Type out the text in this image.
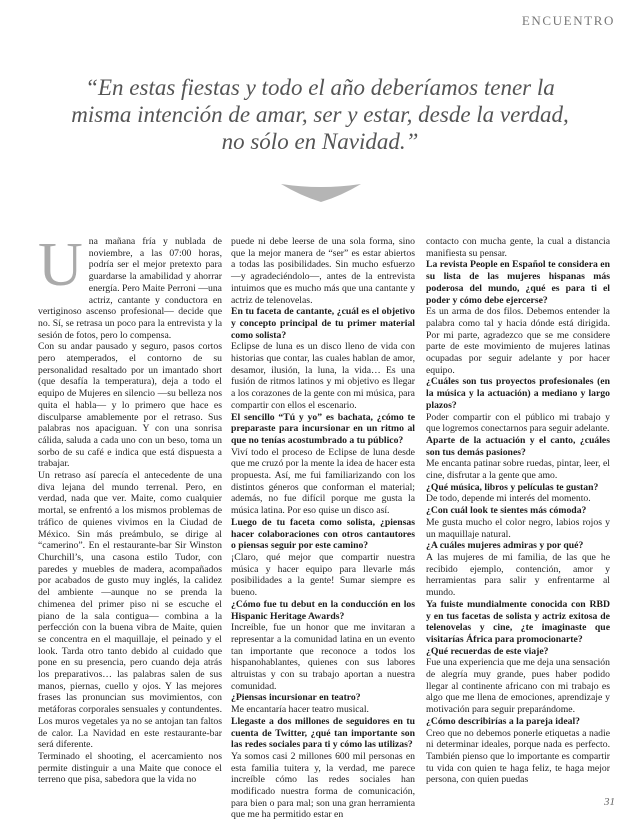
ENCUENTRO
“En estas fiestas y todo el año deberíamos tener la misma intención de amar, ser y estar, desde la verdad, no sólo en Navidad.”
U na mañana fría y nublada de noviembre, a las 07:00 horas, podría ser el mejor pretexto para guardarse la amabilidad y ahorrar energía. Pero Maite Perroni —una actriz, cantante y conductora en vertiginoso ascenso profesional— decide que no. Sí, se retrasa un poco para la entrevista y la sesión de fotos, pero lo compensa.

Con su andar pausado y seguro, pasos cortos pero atemperados, el contorno de su personalidad resaltado por un imantado short (que desafía la temperatura), deja a todo el equipo de Mujeres en silencio —su belleza nos quita el habla— y lo primero que hace es disculparse amablemente por el retraso. Sus palabras nos apaciguan. Y con una sonrisa cálida, saluda a cada uno con un beso, toma un sorbo de su café e indica que está dispuesta a trabajar.

Un retraso así parecía el antecedente de una diva lejana del mundo terrenal. Pero, en verdad, nada que ver. Maite, como cualquier mortal, se enfrentó a los mismos problemas de tráfico de quienes vivimos en la Ciudad de México. Sin más preámbulo, se dirige al “camerino”. En el restaurante-bar Sir Winston Churchill’s, una casona estilo Tudor, con paredes y muebles de madera, acompañados por acabados de gusto muy inglés, la calidez del ambiente —aunque no se prenda la chimenea del primer piso ni se escuche el piano de la sala contigua— combina a la perfección con la buena vibra de Maite, quien se concentra en el maquillaje, el peinado y el look. Tarda otro tanto debido al cuidado que pone en su presencia, pero cuando deja atrás los preparativos… las palabras salen de sus manos, piernas, cuello y ojos. Y las mejores frases las pronuncian sus movimientos, con metáforas corporales sensuales y contundentes. Los muros vegetales ya no se antojan tan faltos de calor. La Navidad en este restaurante-bar será diferente.

Terminado el shooting, el acercamiento nos permite distinguir a una Maite que conoce el terreno que pisa, sabedora que la vida no

puede ni debe leerse de una sola forma, sino que la mejor manera de “ser” es estar abiertos a todas las posibilidades. Sin mucho esfuerzo —y agradeciéndolo—, antes de la entrevista intuimos que es mucho más que una cantante y actriz de telenovelas.

En tu faceta de cantante, ¿cuál es el objetivo y concepto principal de tu primer material como solista?

Eclipse de luna es un disco lleno de vida con historias que contar, las cuales hablan de amor, desamor, ilusión, la luna, la vida… Es una fusión de ritmos latinos y mi objetivo es llegar a los corazones de la gente con mi música, para compartir con ellos el escenario.

El sencillo “Tú y yo” es bachata, ¿cómo te preparaste para incursionar en un ritmo al que no tenías acostumbrado a tu público?

Viví todo el proceso de Eclipse de luna desde que me cruzó por la mente la idea de hacer esta propuesta. Así, me fui familiarizando con los distintos géneros que conforman el material; además, no fue difícil porque me gusta la música latina. Por eso quise un disco así.

Luego de tu faceta como solista, ¿piensas hacer colaboraciones con otros cantautores o piensas seguir por este camino?

¡Claro, qué mejor que compartir nuestra música y hacer equipo para llevarle más posibilidades a la gente! Sumar siempre es bueno.

¿Cómo fue tu debut en la conducción en los Hispanic Heritage Awards?

Increíble, fue un honor que me invitaran a representar a la comunidad latina en un evento tan importante que reconoce a todos los hispanohablantes, quienes con sus labores altruistas y con su trabajo aportan a nuestra comunidad.

¿Piensas incursionar en teatro?

Me encantaría hacer teatro musical.

Llegaste a dos millones de seguidores en tu cuenta de Twitter, ¿qué tan importante son las redes sociales para ti y cómo las utilizas?

Ya somos casi 2 millones 600 mil personas en esta familia tuitera y, la verdad, me parece increíble cómo las redes sociales han modificado nuestra forma de comunicación, para bien o para mal; son una gran herramienta que me ha permitido estar en

contacto con mucha gente, la cual a distancia manifiesta su pensar.

La revista People en Español te considera en su lista de las mujeres hispanas más poderosa del mundo, ¿qué es para ti el poder y cómo debe ejercerse?

Es un arma de dos filos. Debemos entender la palabra como tal y hacia dónde está dirigida. Por mi parte, agradezco que se me considere parte de este movimiento de mujeres latinas ocupadas por seguir adelante y por hacer equipo.

¿Cuáles son tus proyectos profesionales (en la música y la actuación) a mediano y largo plazos?

Poder compartir con el público mi trabajo y que logremos conectarnos para seguir adelante.

Aparte de la actuación y el canto, ¿cuáles son tus demás pasiones?

Me encanta patinar sobre ruedas, pintar, leer, el cine, disfrutar a la gente que amo.

¿Qué música, libros y películas te gustan?

De todo, depende mi interés del momento.

¿Con cuál look te sientes más cómoda?

Me gusta mucho el color negro, labios rojos y un maquillaje natural.

¿A cuáles mujeres admiras y por qué?

A las mujeres de mi familia, de las que he recibido ejemplo, contención, amor y herramientas para salir y enfrentarme al mundo.

Ya fuiste mundialmente conocida con RBD y en tus facetas de solista y actriz exitosa de telenovelas y cine, ¿te imaginaste que visitarías África para promocionarte?

¿Qué recuerdas de este viaje?

Fue una experiencia que me deja una sensación de alegría muy grande, pues haber podido llegar al continente africano con mi trabajo es algo que me llena de emociones, aprendizaje y motivación para seguir preparándome.

¿Cómo describirías a la pareja ideal?

Creo que no debemos ponerle etiquetas a nadie ni determinar ideales, porque nada es perfecto. También pienso que lo importante es compartir tu vida con quien te haga feliz, te haga mejor persona, con quien puedas

31
